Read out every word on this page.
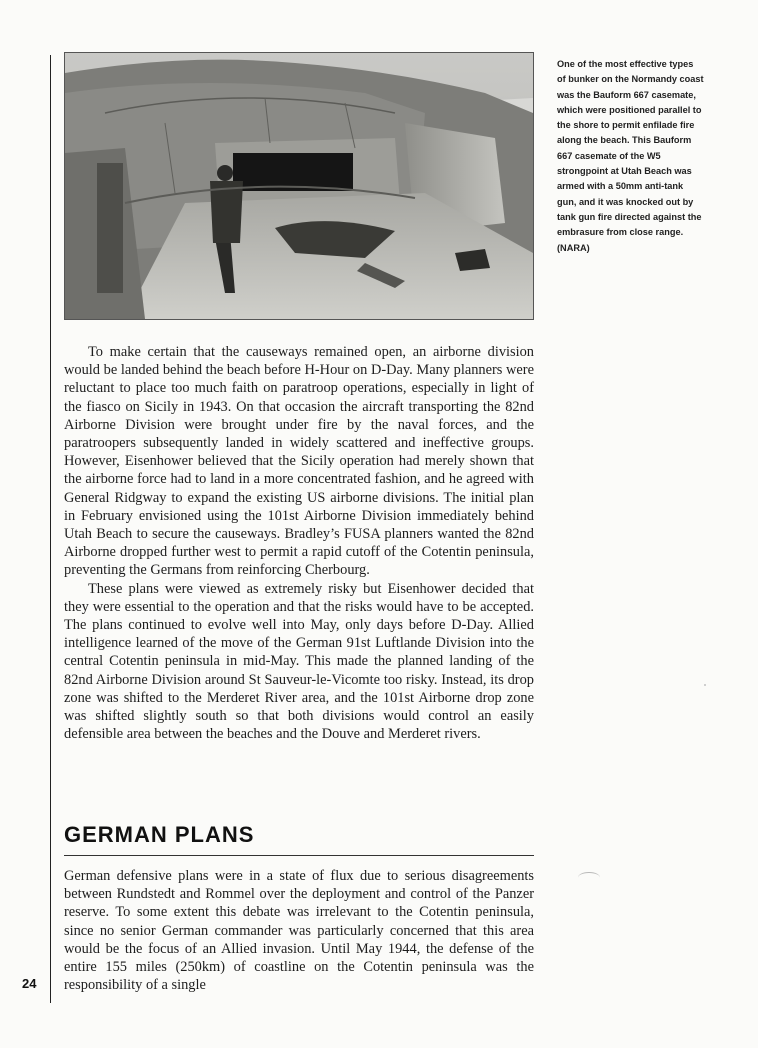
One of the most effective types
of bunker on the Normandy coast
was the Bauform 667 casemate,
which were positioned parallel to
the shore to permit enfilade fire
along the beach. This Bauform
667 casemate of the W5
strongpoint at Utah Beach was
armed with a 50mm anti-tank
gun, and it was knocked out by
tank gun fire directed against the
embrasure from close range.
(NARA)

To make certain that the causeways remained open, an airborne division would be landed behind the beach before H-Hour on D-Day. Many planners were reluctant to place too much faith on paratroop operations, especially in light of the fiasco on Sicily in 1943. On that occasion the aircraft transporting the 82nd Airborne Division were brought under fire by the naval forces, and the paratroopers subsequently landed in widely scattered and ineffective groups. However, Eisenhower believed that the Sicily operation had merely shown that the airborne force had to land in a more concentrated fashion, and he agreed with General Ridgway to expand the existing US airborne divisions. The initial plan in February envisioned using the 101st Airborne Division immediately behind Utah Beach to secure the causeways. Bradley’s FUSA planners wanted the 82nd Airborne dropped further west to permit a rapid cutoff of the Cotentin peninsula, preventing the Germans from reinforcing Cherbourg.

These plans were viewed as extremely risky but Eisenhower decided that they were essential to the operation and that the risks would have to be accepted. The plans continued to evolve well into May, only days before D-Day. Allied intelligence learned of the move of the German 91st Luftlande Division into the central Cotentin peninsula in mid-May. This made the planned landing of the 82nd Airborne Division around St Sauveur-le-Vicomte too risky. Instead, its drop zone was shifted to the Merderet River area, and the 101st Airborne drop zone was shifted slightly south so that both divisions would control an easily defensible area between the beaches and the Douve and Merderet rivers.

GERMAN PLANS

German defensive plans were in a state of flux due to serious disagreements between Rundstedt and Rommel over the deployment and control of the Panzer reserve. To some extent this debate was irrelevant to the Cotentin peninsula, since no senior German commander was particularly concerned that this area would be the focus of an Allied invasion. Until May 1944, the defense of the entire 155 miles (250km) of coastline on the Cotentin peninsula was the responsibility of a single

24
